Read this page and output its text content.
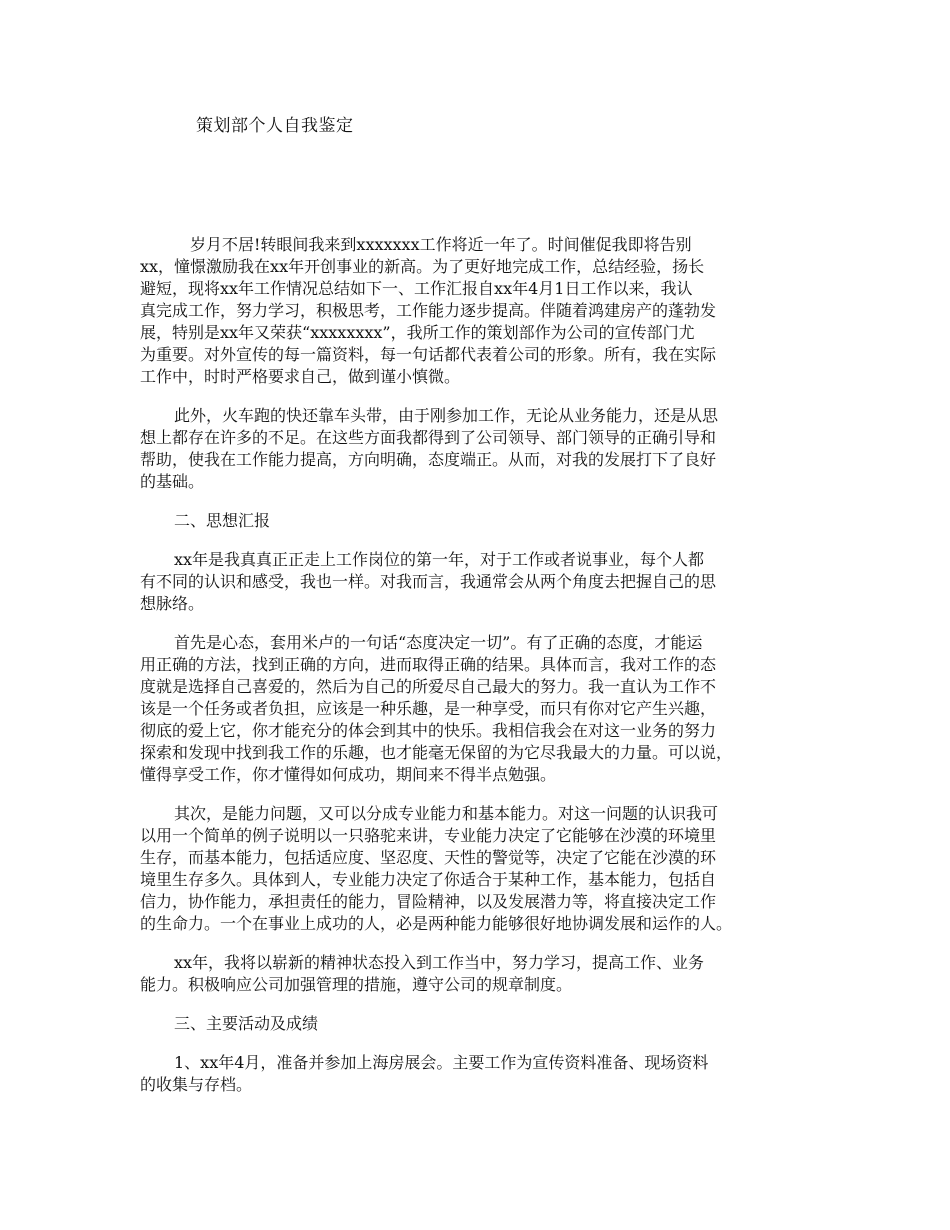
策划部个人自我鉴定
岁月不居!转眼间我来到xxxxxxx工作将近一年了。时间催促我即将告别
xx，憧憬激励我在xx年开创事业的新高。为了更好地完成工作，总结经验，扬长
避短，现将xx年工作情况总结如下一、工作汇报自xx年4月1日工作以来，我认
真完成工作，努力学习，积极思考，工作能力逐步提高。伴随着鸿建房产的蓬勃发
展，特别是xx年又荣获“xxxxxxxx”，我所工作的策划部作为公司的宣传部门尤
为重要。对外宣传的每一篇资料，每一句话都代表着公司的形象。所有，我在实际
工作中，时时严格要求自己，做到谨小慎微。
此外，火车跑的快还靠车头带，由于刚参加工作，无论从业务能力，还是从思
想上都存在许多的不足。在这些方面我都得到了公司领导、部门领导的正确引导和
帮助，使我在工作能力提高，方向明确，态度端正。从而，对我的发展打下了良好
的基础。
二、思想汇报
xx年是我真真正正走上工作岗位的第一年，对于工作或者说事业，每个人都
有不同的认识和感受，我也一样。对我而言，我通常会从两个角度去把握自己的思
想脉络。
首先是心态，套用米卢的一句话“态度决定一切”。有了正确的态度，才能运
用正确的方法，找到正确的方向，进而取得正确的结果。具体而言，我对工作的态
度就是选择自己喜爱的，然后为自己的所爱尽自己最大的努力。我一直认为工作不
该是一个任务或者负担，应该是一种乐趣，是一种享受，而只有你对它产生兴趣，
彻底的爱上它，你才能充分的体会到其中的快乐。我相信我会在对这一业务的努力
探索和发现中找到我工作的乐趣，也才能毫无保留的为它尽我最大的力量。可以说，
懂得享受工作，你才懂得如何成功，期间来不得半点勉强。
其次，是能力问题，又可以分成专业能力和基本能力。对这一问题的认识我可
以用一个简单的例子说明以一只骆驼来讲，专业能力决定了它能够在沙漠的环境里
生存，而基本能力，包括适应度、坚忍度、天性的警觉等，决定了它能在沙漠的环
境里生存多久。具体到人，专业能力决定了你适合于某种工作，基本能力，包括自
信力，协作能力，承担责任的能力，冒险精神，以及发展潜力等，将直接决定工作
的生命力。一个在事业上成功的人，必是两种能力能够很好地协调发展和运作的人。
xx年，我将以崭新的精神状态投入到工作当中，努力学习，提高工作、业务
能力。积极响应公司加强管理的措施，遵守公司的规章制度。
三、主要活动及成绩
1、xx年4月，准备并参加上海房展会。主要工作为宣传资料准备、现场资料
的收集与存档。
